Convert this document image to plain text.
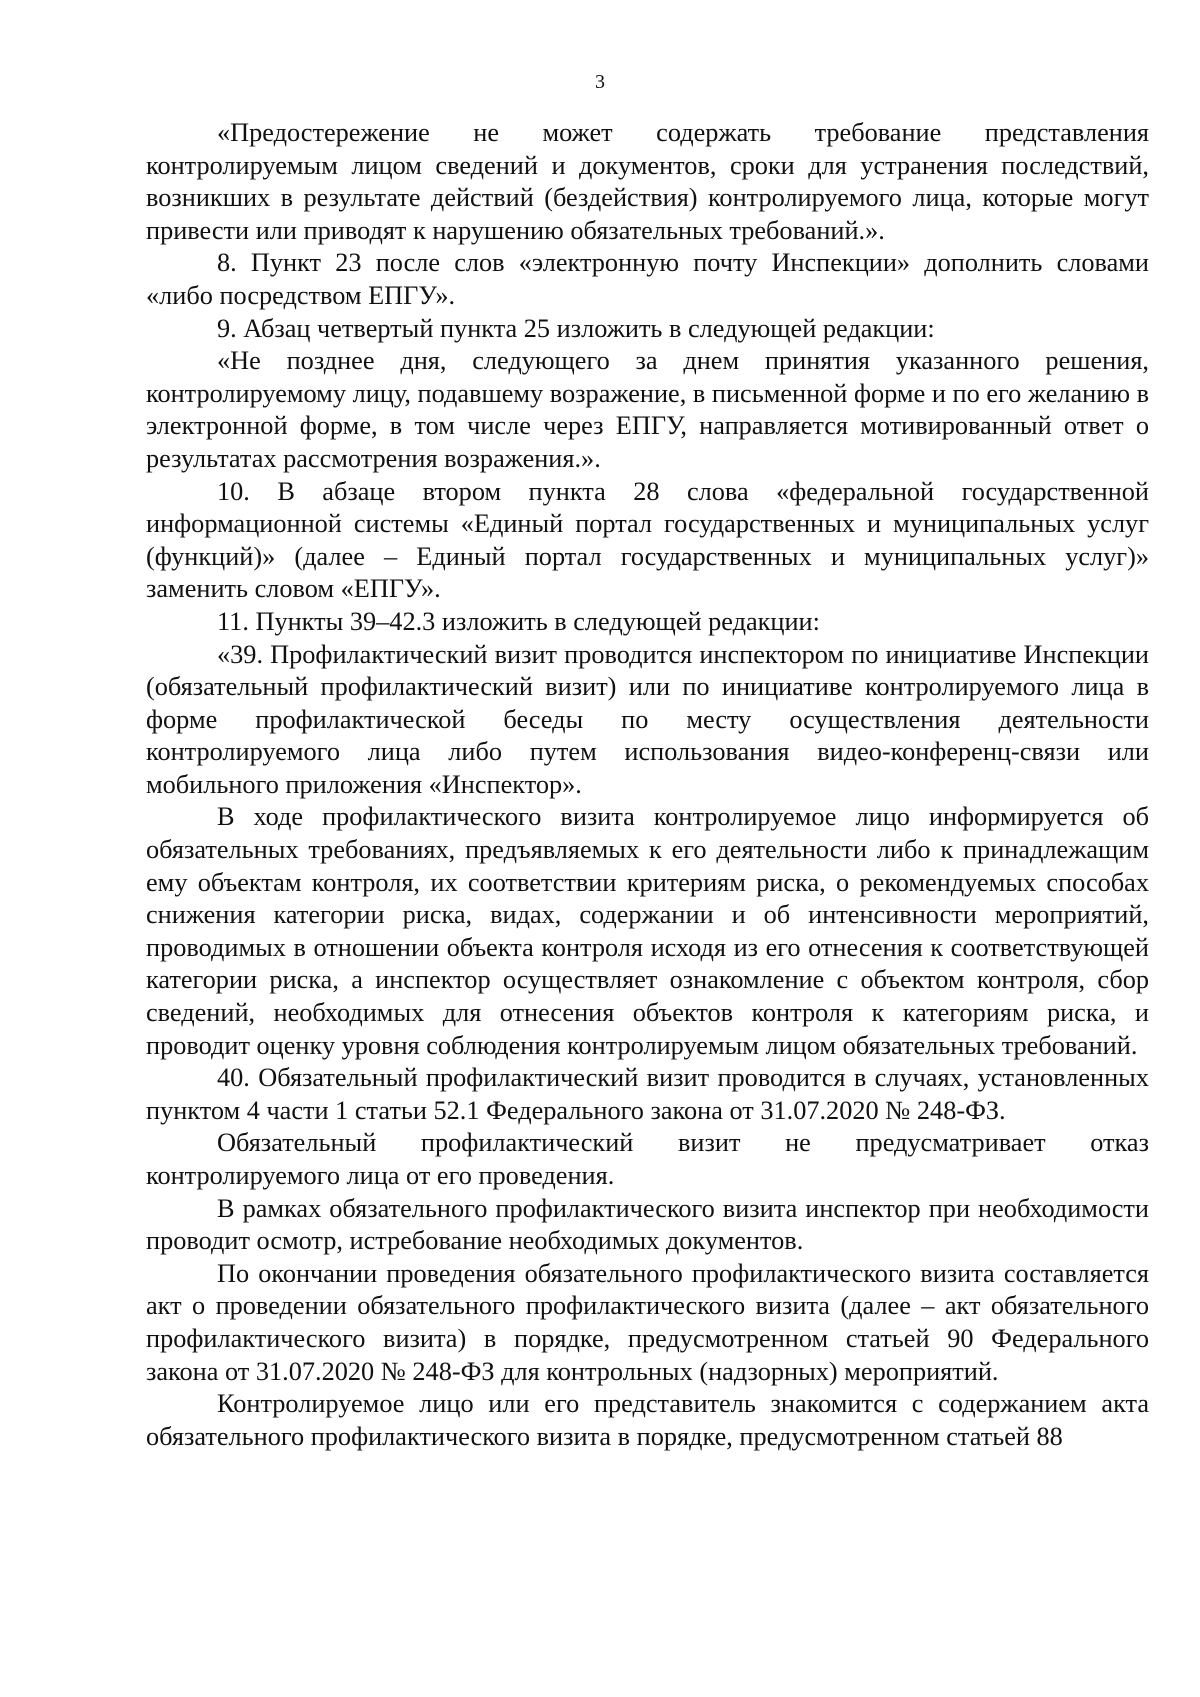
3

«Предостережение не может содержать требование представления контролируемым лицом сведений и документов, сроки для устранения последствий, возникших в результате действий (бездействия) контролируемого лица, которые могут привести или приводят к нарушению обязательных требований.».

8. Пункт 23 после слов «электронную почту Инспекции» дополнить словами «либо посредством ЕПГУ».

9. Абзац четвертый пункта 25 изложить в следующей редакции:

«Не позднее дня, следующего за днем принятия указанного решения, контролируемому лицу, подавшему возражение, в письменной форме и по его желанию в электронной форме, в том числе через ЕПГУ, направляется мотивированный ответ о результатах рассмотрения возражения.».

10. В абзаце втором пункта 28 слова «федеральной государственной информационной системы «Единый портал государственных и муниципальных услуг (функций)» (далее – Единый портал государственных и муниципальных услуг)» заменить словом «ЕПГУ».

11. Пункты 39–42.3 изложить в следующей редакции:

«39. Профилактический визит проводится инспектором по инициативе Инспекции (обязательный профилактический визит) или по инициативе контролируемого лица в форме профилактической беседы по месту осуществления деятельности контролируемого лица либо путем использования видео-конференц-связи или мобильного приложения «Инспектор».

В ходе профилактического визита контролируемое лицо информируется об обязательных требованиях, предъявляемых к его деятельности либо к принадлежащим ему объектам контроля, их соответствии критериям риска, о рекомендуемых способах снижения категории риска, видах, содержании и об интенсивности мероприятий, проводимых в отношении объекта контроля исходя из его отнесения к соответствующей категории риска, а инспектор осуществляет ознакомление с объектом контроля, сбор сведений, необходимых для отнесения объектов контроля к категориям риска, и проводит оценку уровня соблюдения контролируемым лицом обязательных требований.

40. Обязательный профилактический визит проводится в случаях, установленных пунктом 4 части 1 статьи 52.1 Федерального закона от 31.07.2020 № 248-ФЗ.

Обязательный профилактический визит не предусматривает отказ контролируемого лица от его проведения.

В рамках обязательного профилактического визита инспектор при необходимости проводит осмотр, истребование необходимых документов.

По окончании проведения обязательного профилактического визита составляется акт о проведении обязательного профилактического визита (далее – акт обязательного профилактического визита) в порядке, предусмотренном статьей 90 Федерального закона от 31.07.2020 № 248-ФЗ для контрольных (надзорных) мероприятий.

Контролируемое лицо или его представитель знакомится с содержанием акта обязательного профилактического визита в порядке, предусмотренном статьей 88
